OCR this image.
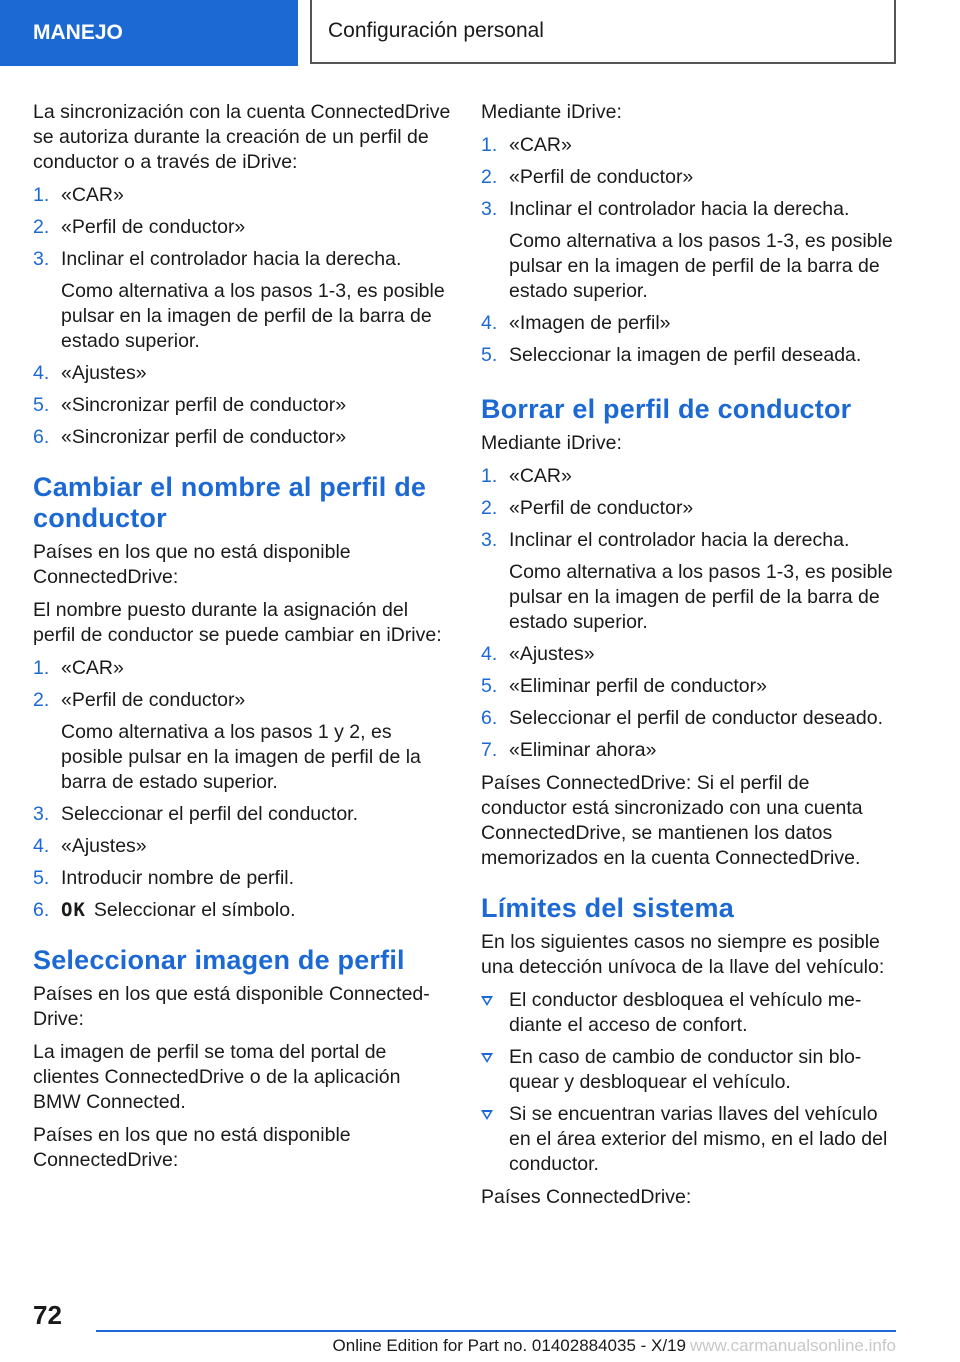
MANEJO	Configuración personal

La sincronización con la cuenta ConnectedDrive se autoriza durante la creación de un perfil de conductor o a través de iDrive:

1. «CAR»
2. «Perfil de conductor»
3. Inclinar el controlador hacia la derecha.
Como alternativa a los pasos 1-3, es posible pulsar en la imagen de perfil de la barra de estado superior.
4. «Ajustes»
5. «Sincronizar perfil de conductor»
6. «Sincronizar perfil de conductor»
Cambiar el nombre al perfil de conductor

Países en los que no está disponible ConnectedDrive:

El nombre puesto durante la asignación del perfil de conductor se puede cambiar en iDrive:

1. «CAR»
2. «Perfil de conductor»
Como alternativa a los pasos 1 y 2, es posible pulsar en la imagen de perfil de la barra de estado superior.
3. Seleccionar el perfil del conductor.
4. «Ajustes»
5. Introducir nombre de perfil.
6. OK Seleccionar el símbolo.
Seleccionar imagen de perfil

Países en los que está disponible ConnectedDrive:

La imagen de perfil se toma del portal de clientes ConnectedDrive o de la aplicación BMW Connected.

Países en los que no está disponible ConnectedDrive:

Mediante iDrive:

1. «CAR»
2. «Perfil de conductor»
3. Inclinar el controlador hacia la derecha.
Como alternativa a los pasos 1-3, es posible pulsar en la imagen de perfil de la barra de estado superior.
4. «Imagen de perfil»
5. Seleccionar la imagen de perfil deseada.
Borrar el perfil de conductor

Mediante iDrive:

1. «CAR»
2. «Perfil de conductor»
3. Inclinar el controlador hacia la derecha.
Como alternativa a los pasos 1-3, es posible pulsar en la imagen de perfil de la barra de estado superior.
4. «Ajustes»
5. «Eliminar perfil de conductor»
6. Seleccionar el perfil de conductor deseado.
7. «Eliminar ahora»

Países ConnectedDrive: Si el perfil de conductor está sincronizado con una cuenta ConnectedDrive, se mantienen los datos memorizados en la cuenta ConnectedDrive.

Límites del sistema

En los siguientes casos no siempre es posible una detección unívoca de la llave del vehículo:

El conductor desbloquea el vehículo mediante el acceso de confort.
En caso de cambio de conductor sin bloquear y desbloquear el vehículo.
Si se encuentran varias llaves del vehículo en el área exterior del mismo, en el lado del conductor.

Países ConnectedDrive:

72
Online Edition for Part no. 01402884035 - X/19 www.carmanualsonline.info
